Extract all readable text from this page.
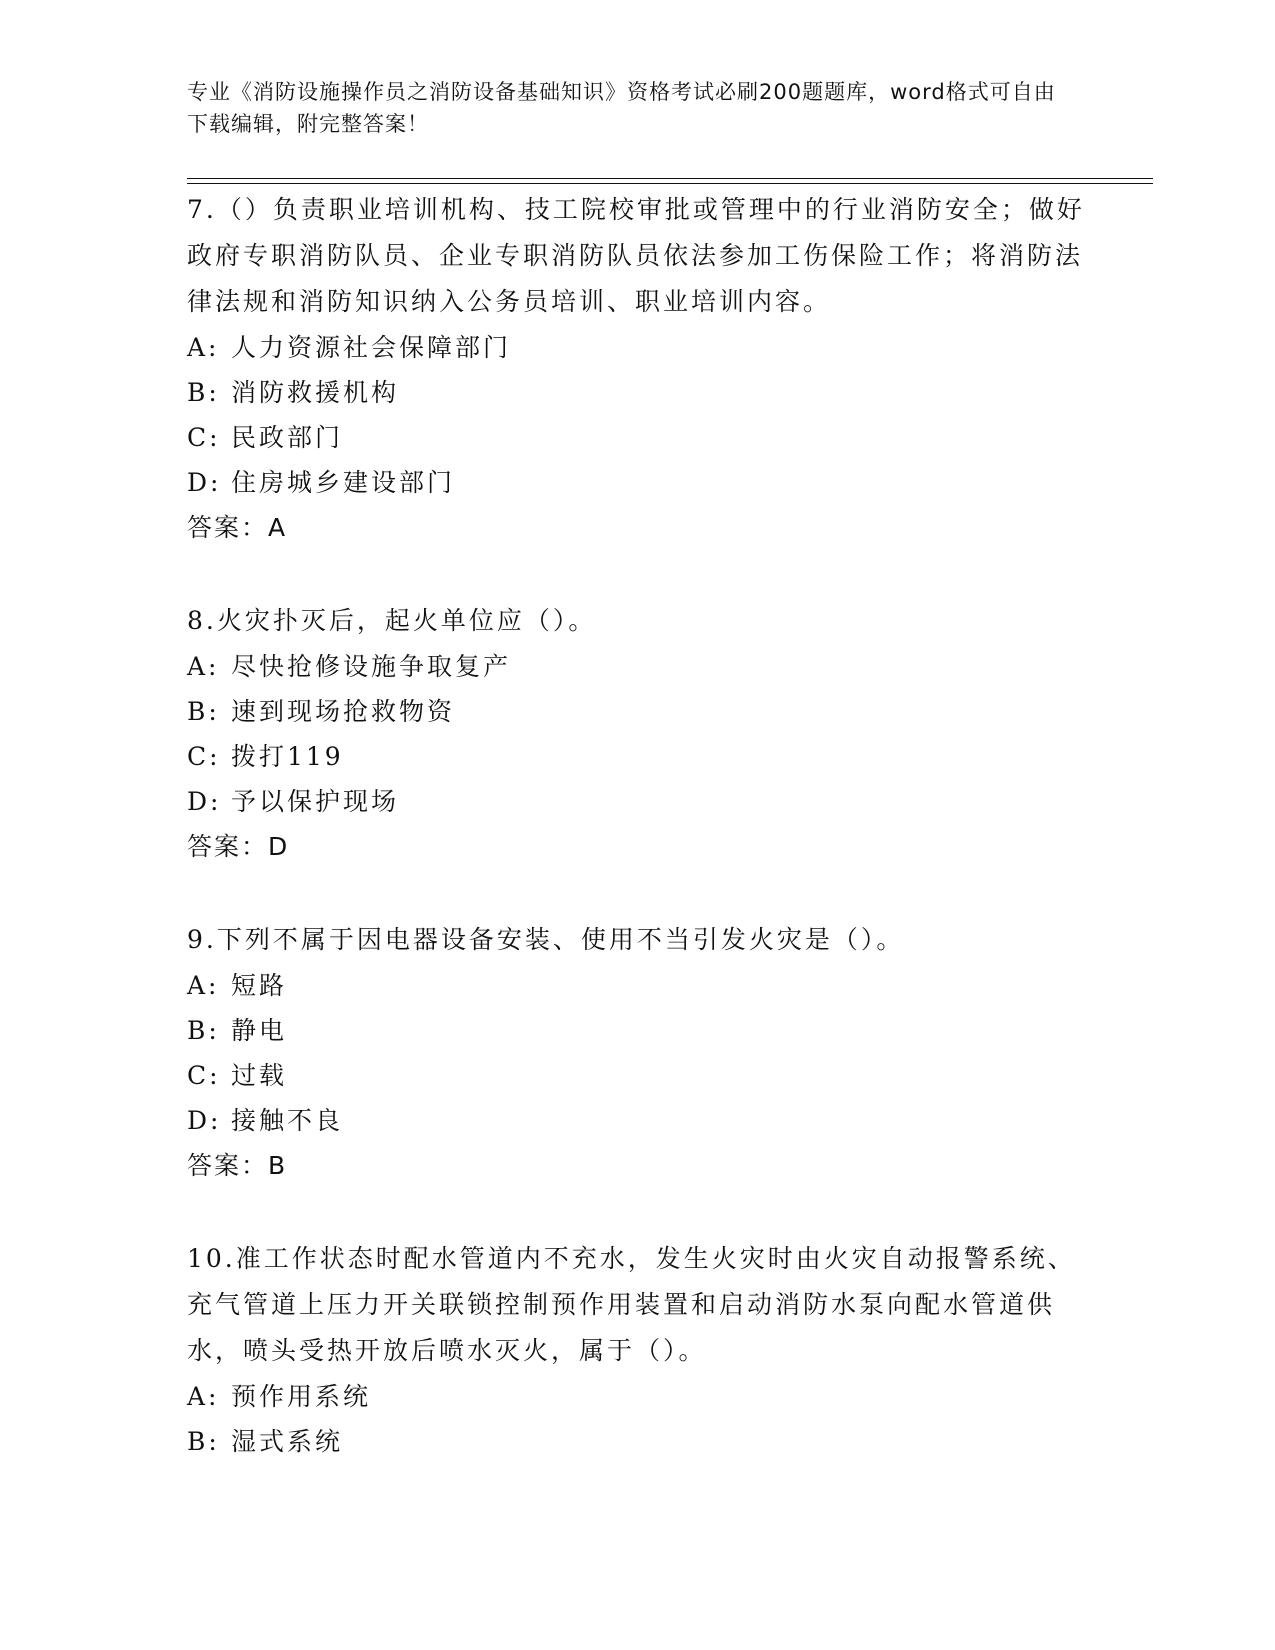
专业《消防设施操作员之消防设备基础知识》资格考试必刷200题题库，word格式可自由下载编辑，附完整答案！

7.（）负责职业培训机构、技工院校审批或管理中的行业消防安全；做好政府专职消防队员、企业专职消防队员依法参加工伤保险工作；将消防法律法规和消防知识纳入公务员培训、职业培训内容。

A: 人力资源社会保障部门
B: 消防救援机构
C: 民政部门
D: 住房城乡建设部门
答案：A

8.火灾扑灭后，起火单位应（）。

A: 尽快抢修设施争取复产
B: 速到现场抢救物资
C: 拨打119
D: 予以保护现场
答案：D

9.下列不属于因电器设备安装、使用不当引发火灾是（）。

A: 短路
B: 静电
C: 过载
D: 接触不良
答案：B

10.准工作状态时配水管道内不充水，发生火灾时由火灾自动报警系统、充气管道上压力开关联锁控制预作用装置和启动消防水泵向配水管道供水，喷头受热开放后喷水灭火，属于（）。

A: 预作用系统
B: 湿式系统
